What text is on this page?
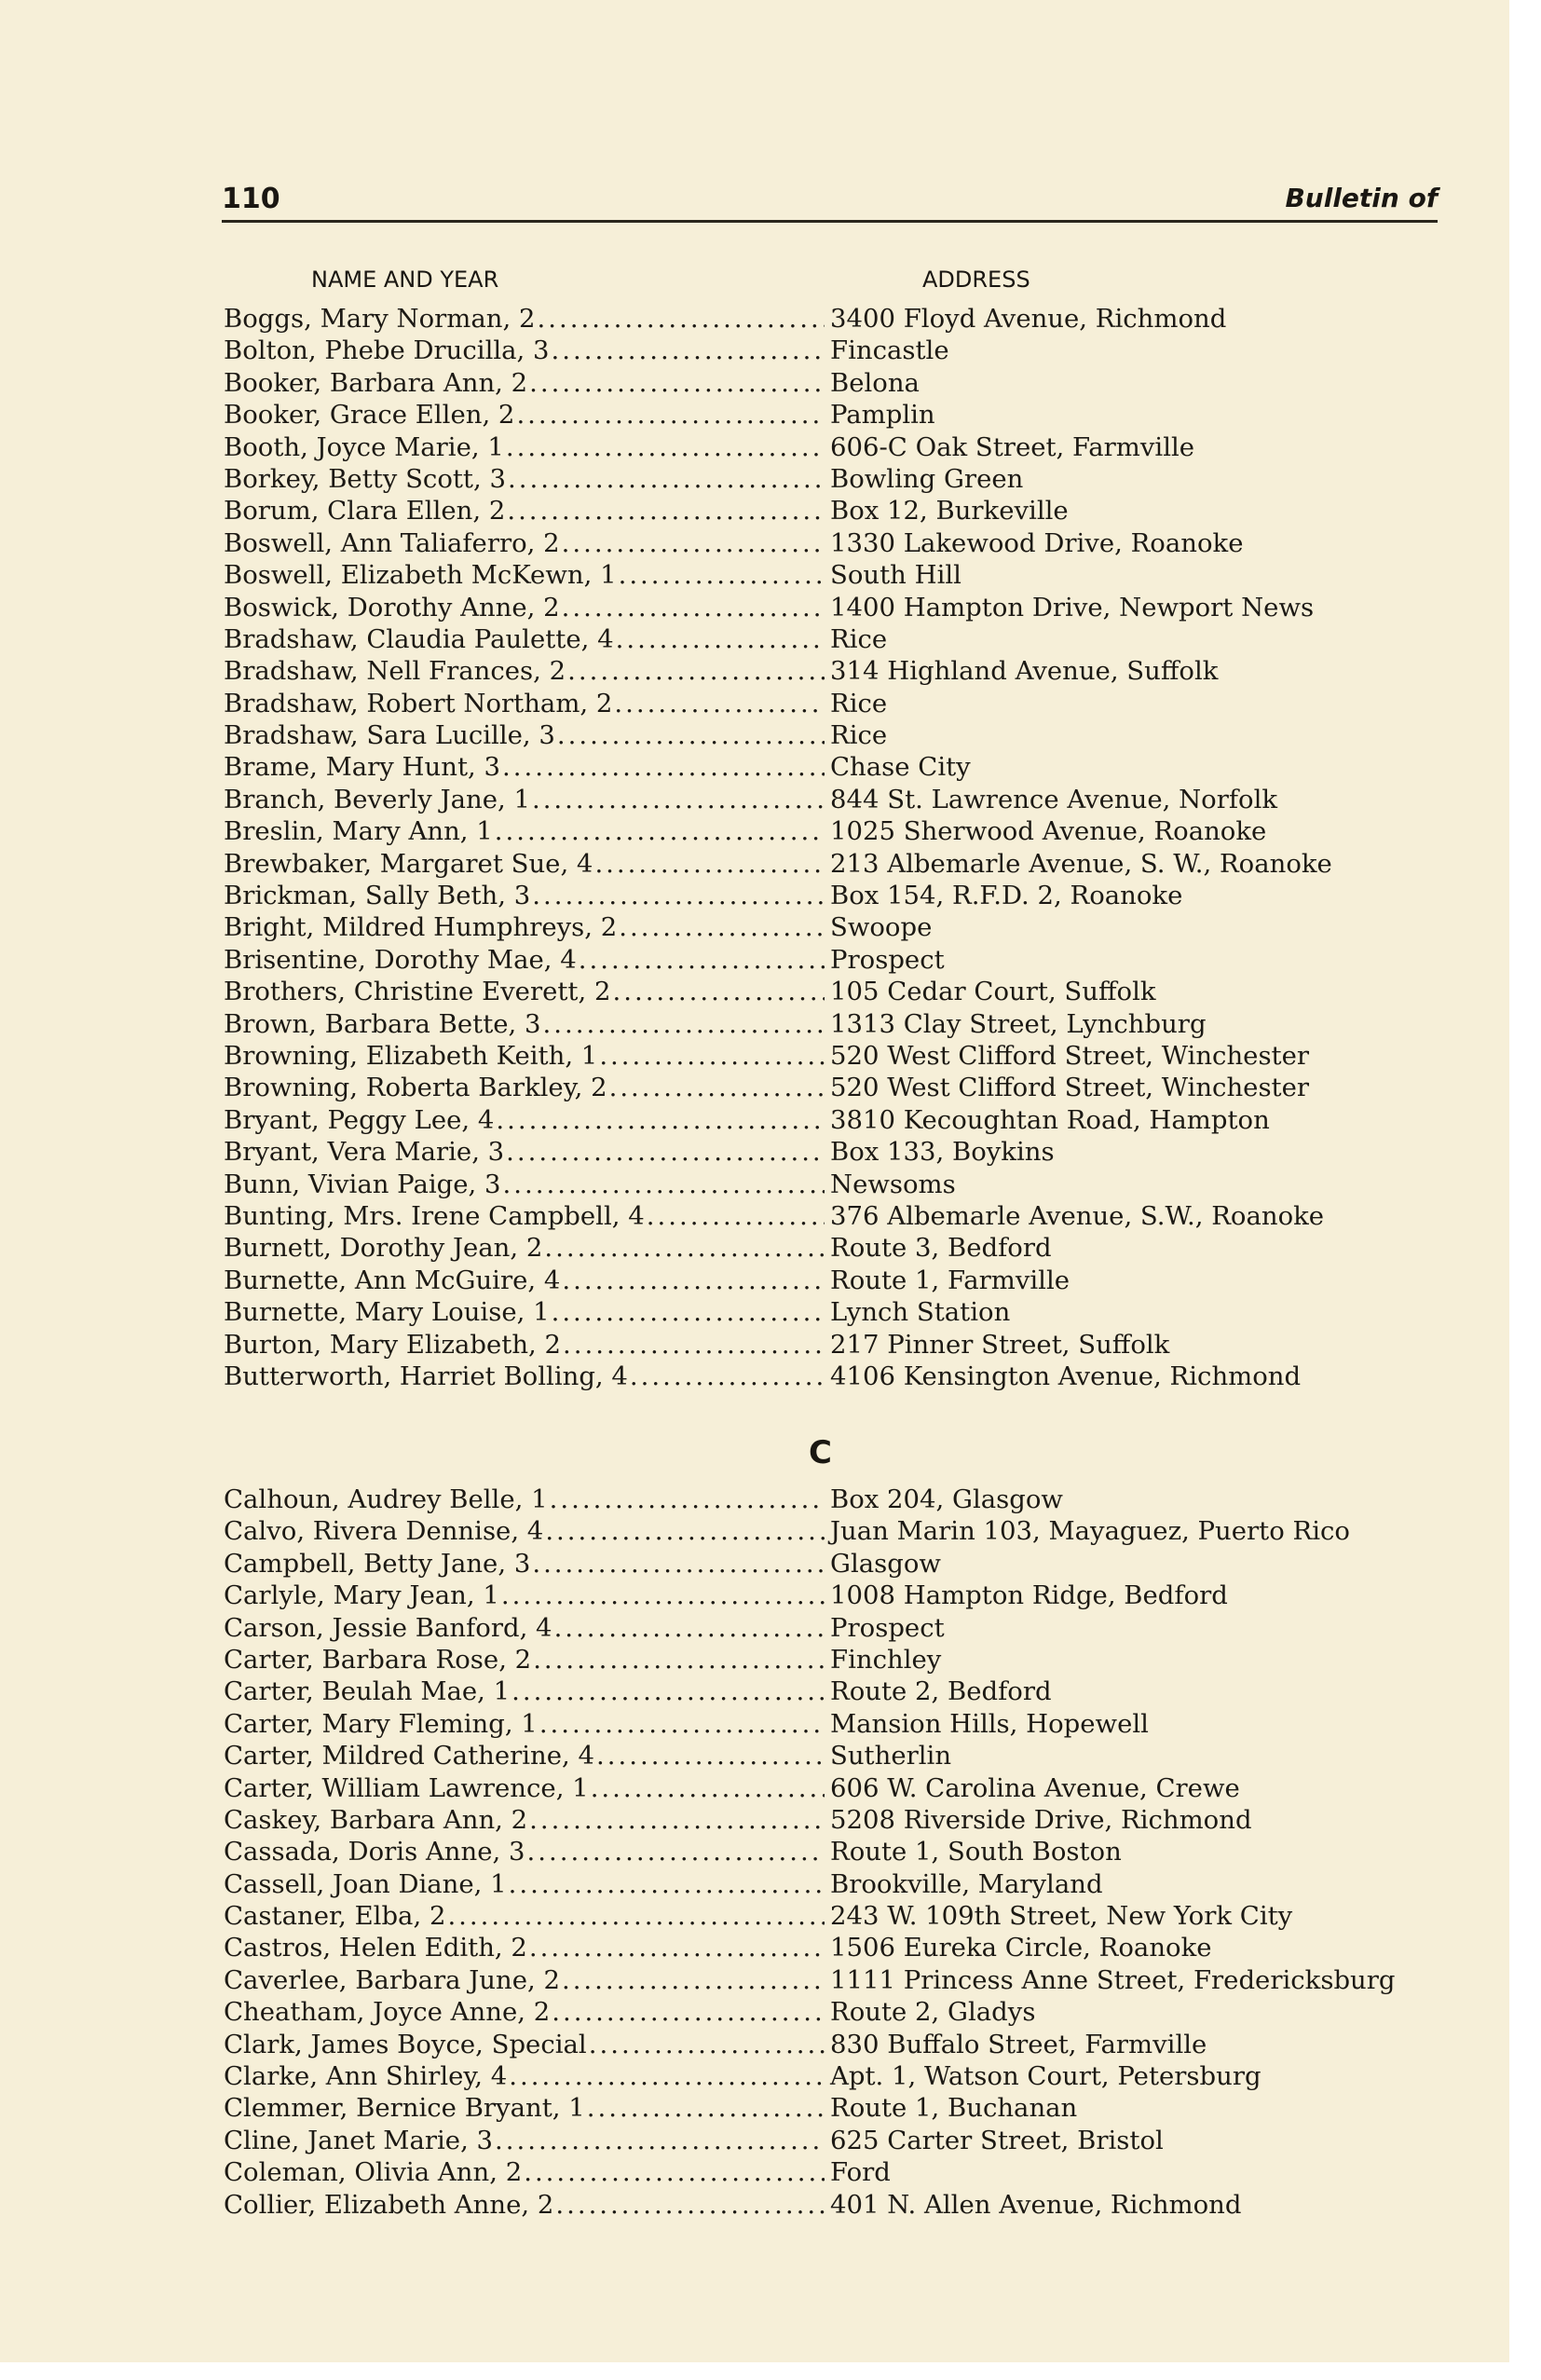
110	Bulletin of
NAME AND YEAR	ADDRESS
Boggs, Mary Norman, 2 .....	3400 Floyd Avenue, Richmond
Bolton, Phebe Drucilla, 3 .....	Fincastle
Booker, Barbara Ann, 2 .....	Belona
Booker, Grace Ellen, 2 .....	Pamplin
Booth, Joyce Marie, 1 .....	606-C Oak Street, Farmville
Borkey, Betty Scott, 3 .....	Bowling Green
Borum, Clara Ellen, 2 .....	Box 12, Burkeville
Boswell, Ann Taliaferro, 2 .....	1330 Lakewood Drive, Roanoke
Boswell, Elizabeth McKewn, 1 .....	South Hill
Boswick, Dorothy Anne, 2 .....	1400 Hampton Drive, Newport News
Bradshaw, Claudia Paulette, 4 .....	Rice
Bradshaw, Nell Frances, 2 .....	314 Highland Avenue, Suffolk
Bradshaw, Robert Northam, 2 .....	Rice
Bradshaw, Sara Lucille, 3 .....	Rice
Brame, Mary Hunt, 3 .....	Chase City
Branch, Beverly Jane, 1 .....	844 St. Lawrence Avenue, Norfolk
Breslin, Mary Ann, 1 .....	1025 Sherwood Avenue, Roanoke
Brewbaker, Margaret Sue, 4 .....	213 Albemarle Avenue, S. W., Roanoke
Brickman, Sally Beth, 3 .....	Box 154, R.F.D. 2, Roanoke
Bright, Mildred Humphreys, 2 .....	Swoope
Brisentine, Dorothy Mae, 4 .....	Prospect
Brothers, Christine Everett, 2 .....	105 Cedar Court, Suffolk
Brown, Barbara Bette, 3 .....	1313 Clay Street, Lynchburg
Browning, Elizabeth Keith, 1 .....	520 West Clifford Street, Winchester
Browning, Roberta Barkley, 2 .....	520 West Clifford Street, Winchester
Bryant, Peggy Lee, 4 .....	3810 Kecoughtan Road, Hampton
Bryant, Vera Marie, 3 .....	Box 133, Boykins
Bunn, Vivian Paige, 3 .....	Newsoms
Bunting, Mrs. Irene Campbell, 4 .....	376 Albemarle Avenue, S.W., Roanoke
Burnett, Dorothy Jean, 2 .....	Route 3, Bedford
Burnette, Ann McGuire, 4 .....	Route 1, Farmville
Burnette, Mary Louise, 1 .....	Lynch Station
Burton, Mary Elizabeth, 2 .....	217 Pinner Street, Suffolk
Butterworth, Harriet Bolling, 4 .....	4106 Kensington Avenue, Richmond
C
Calhoun, Audrey Belle, 1 .....	Box 204, Glasgow
Calvo, Rivera Dennise, 4 .....	Juan Marin 103, Mayaguez, Puerto Rico
Campbell, Betty Jane, 3 .....	Glasgow
Carlyle, Mary Jean, 1 .....	1008 Hampton Ridge, Bedford
Carson, Jessie Banford, 4 .....	Prospect
Carter, Barbara Rose, 2 .....	Finchley
Carter, Beulah Mae, 1 .....	Route 2, Bedford
Carter, Mary Fleming, 1 .....	Mansion Hills, Hopewell
Carter, Mildred Catherine, 4 .....	Sutherlin
Carter, William Lawrence, 1 .....	606 W. Carolina Avenue, Crewe
Caskey, Barbara Ann, 2 .....	5208 Riverside Drive, Richmond
Cassada, Doris Anne, 3 .....	Route 1, South Boston
Cassell, Joan Diane, 1 .....	Brookville, Maryland
Castaner, Elba, 2 .....	243 W. 109th Street, New York City
Castros, Helen Edith, 2 .....	1506 Eureka Circle, Roanoke
Caverlee, Barbara June, 2 .....	1111 Princess Anne Street, Fredericksburg
Cheatham, Joyce Anne, 2 .....	Route 2, Gladys
Clark, James Boyce, Special .....	830 Buffalo Street, Farmville
Clarke, Ann Shirley, 4 .....	Apt. 1, Watson Court, Petersburg
Clemmer, Bernice Bryant, 1 .....	Route 1, Buchanan
Cline, Janet Marie, 3 .....	625 Carter Street, Bristol
Coleman, Olivia Ann, 2 .....	Ford
Collier, Elizabeth Anne, 2 .....	401 N. Allen Avenue, Richmond
